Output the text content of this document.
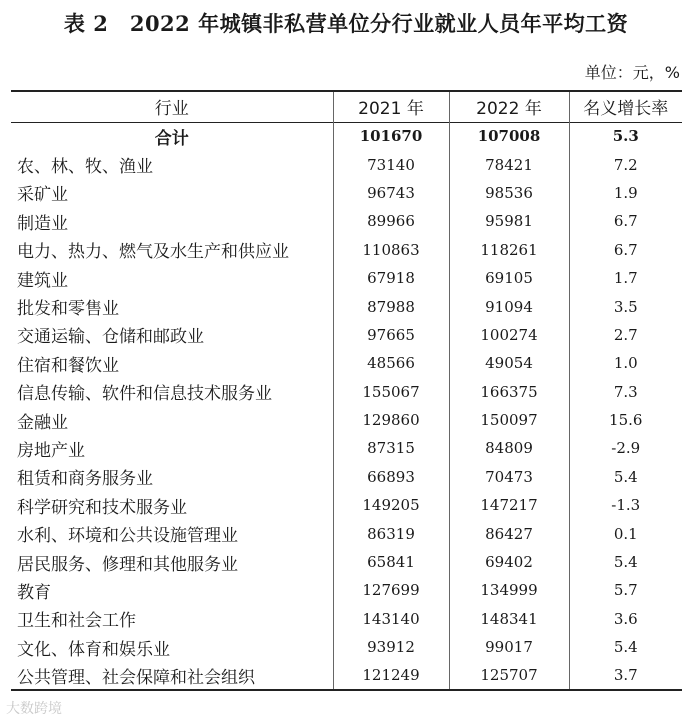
表 2　2022 年城镇非私营单位分行业就业人员年平均工资
单位：元，%
行业	2021 年	2022 年	名义增长率
合计	101670	107008	5.3
农、林、牧、渔业	73140	78421	7.2
采矿业	96743	98536	1.9
制造业	89966	95981	6.7
电力、热力、燃气及水生产和供应业	110863	118261	6.7
建筑业	67918	69105	1.7
批发和零售业	87988	91094	3.5
交通运输、仓储和邮政业	97665	100274	2.7
住宿和餐饮业	48566	49054	1.0
信息传输、软件和信息技术服务业	155067	166375	7.3
金融业	129860	150097	15.6
房地产业	87315	84809	-2.9
租赁和商务服务业	66893	70473	5.4
科学研究和技术服务业	149205	147217	-1.3
水利、环境和公共设施管理业	86319	86427	0.1
居民服务、修理和其他服务业	65841	69402	5.4
教育	127699	134999	5.7
卫生和社会工作	143140	148341	3.6
文化、体育和娱乐业	93912	99017	5.4
公共管理、社会保障和社会组织	121249	125707	3.7
大数跨境
